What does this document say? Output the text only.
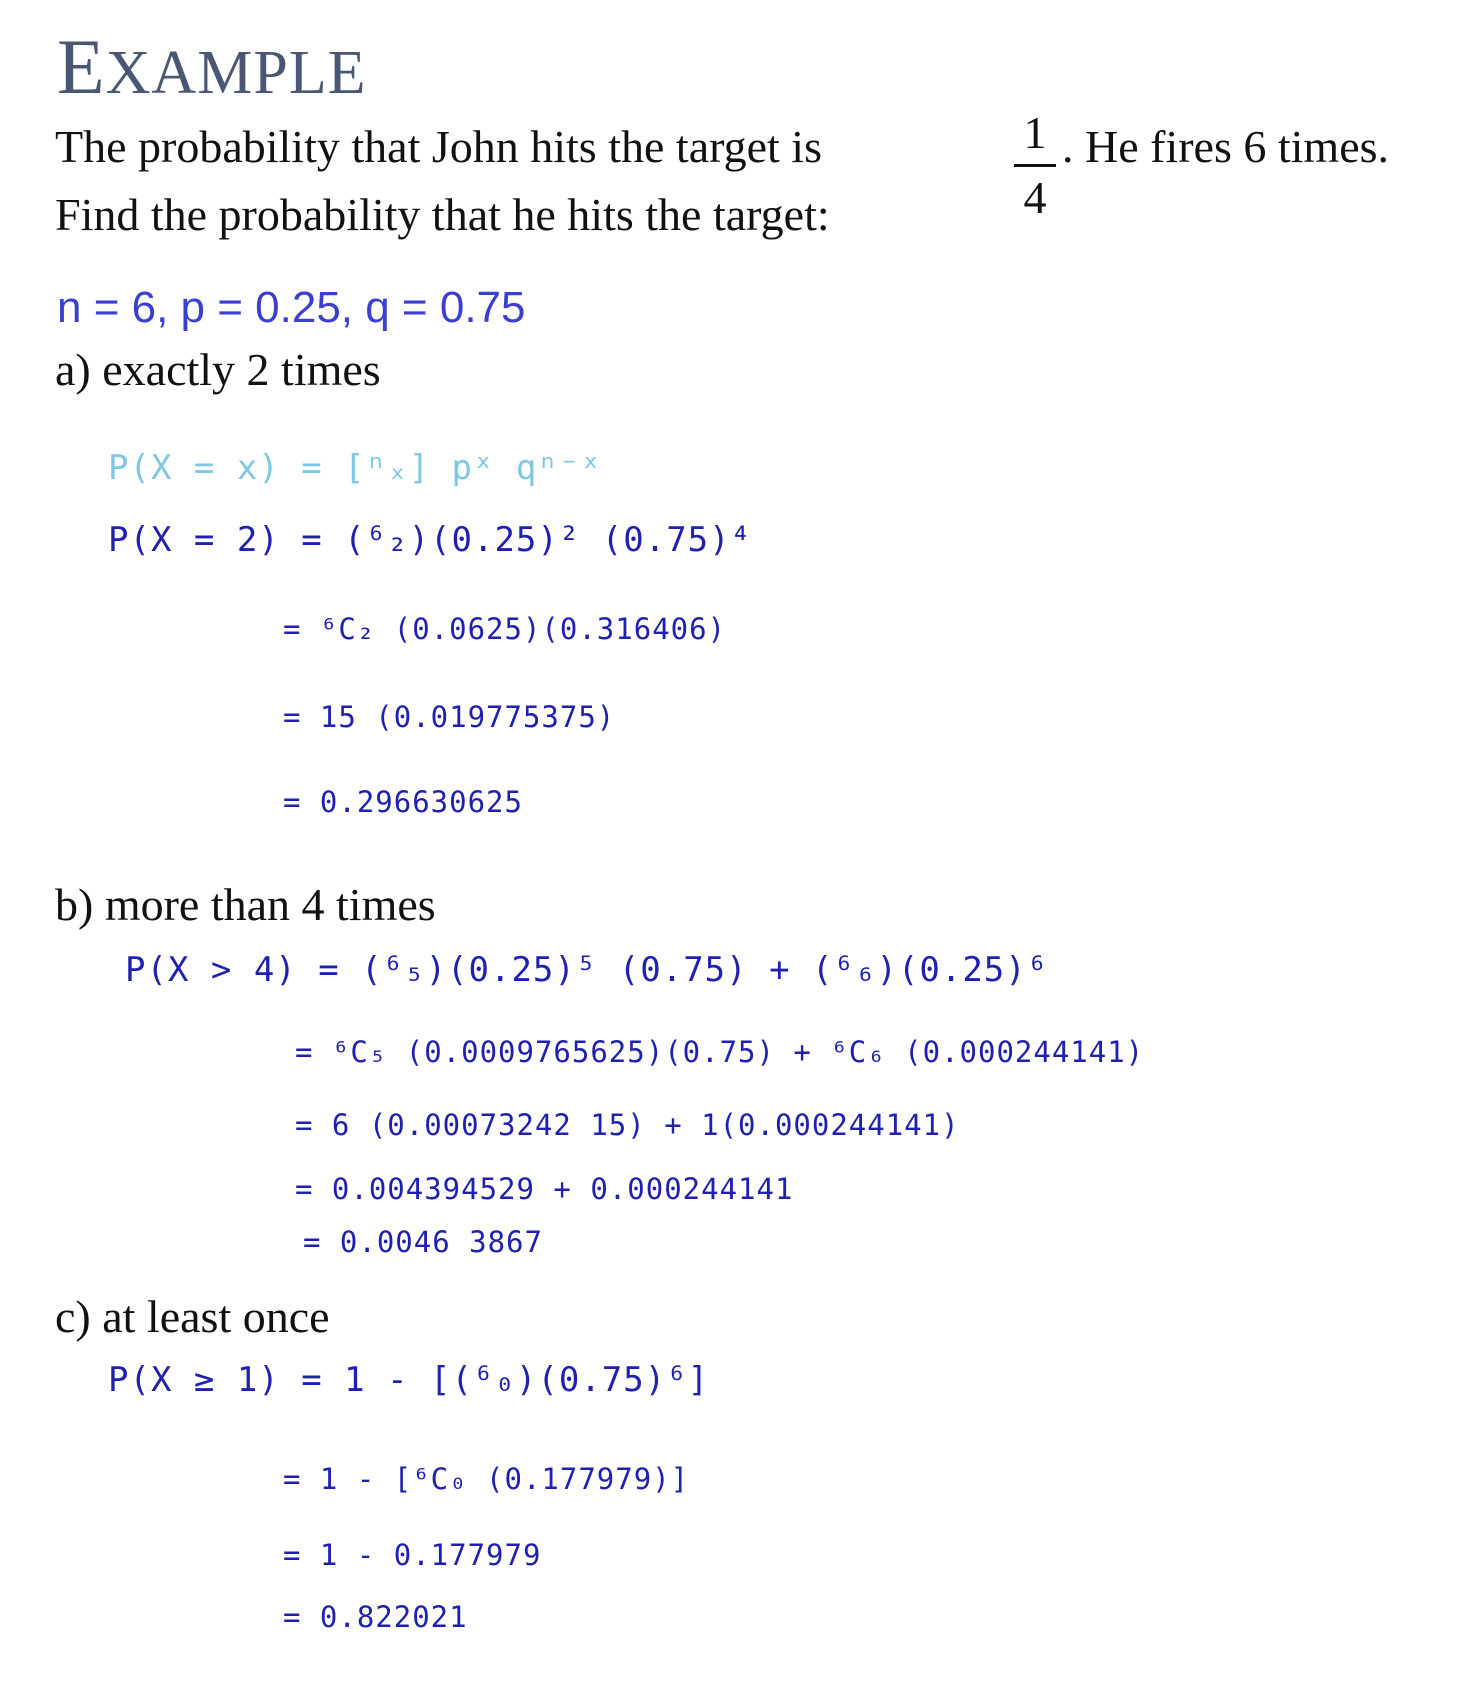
EXAMPLE
The probability that John hits the target is	1
4
. He fires 6 times.
Find the probability that he hits the target:
n = 6, p = 0.25, q = 0.75
a) exactly 2 times
P(X = x) = [ⁿₓ] pˣ qⁿ⁻ˣ
P(X = 2) = (⁶₂)(0.25)² (0.75)⁴
= ⁶C₂ (0.0625)(0.316406)
= 15 (0.019775375)
= 0.296630625
b) more than 4 times
P(X > 4) = (⁶₅)(0.25)⁵ (0.75) + (⁶₆)(0.25)⁶
= ⁶C₅ (0.0009765625)(0.75) + ⁶C₆ (0.000244141)
= 6 (0.00073242 15) + 1(0.000244141)
= 0.004394529 + 0.000244141
= 0.0046 3867
c) at least once
P(X ≥ 1) = 1 - [(⁶₀)(0.75)⁶]
= 1 - [⁶C₀ (0.177979)]
= 1 - 0.177979
= 0.822021
